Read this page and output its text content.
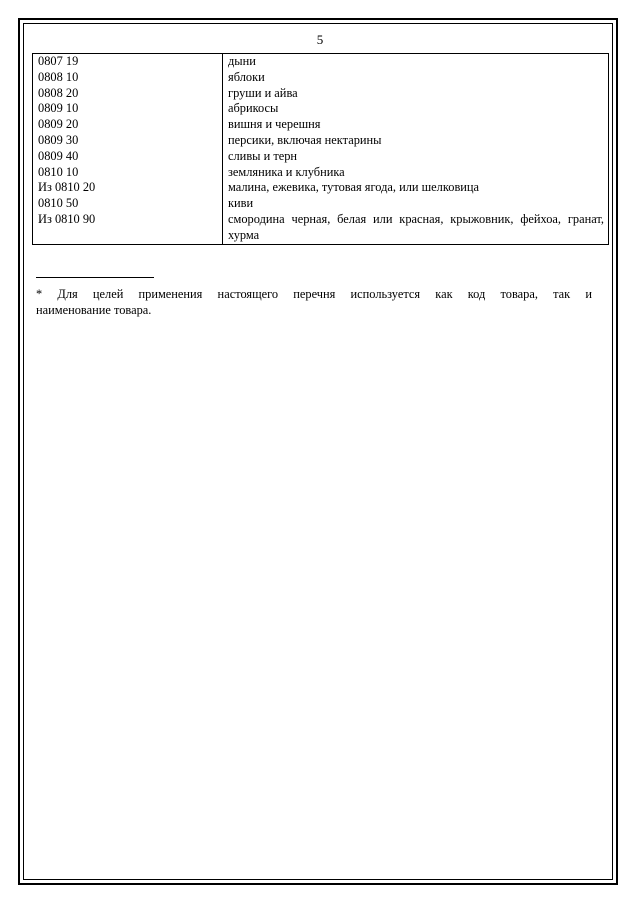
5
0807 19	дыни
0808 10	яблоки
0808 20	груши и айва
0809 10	абрикосы
0809 20	вишня и черешня
0809 30	персики, включая нектарины
0809 40	сливы и терн
0810 10	земляника и клубника
Из 0810 20	малина, ежевика, тутовая ягода, или шелковица
0810 50	киви
Из 0810 90	смородина черная, белая или красная, крыжовник, фейхоа, гранат, хурма
* Для целей применения настоящего перечня используется как код товара, так и
наименование товара.
